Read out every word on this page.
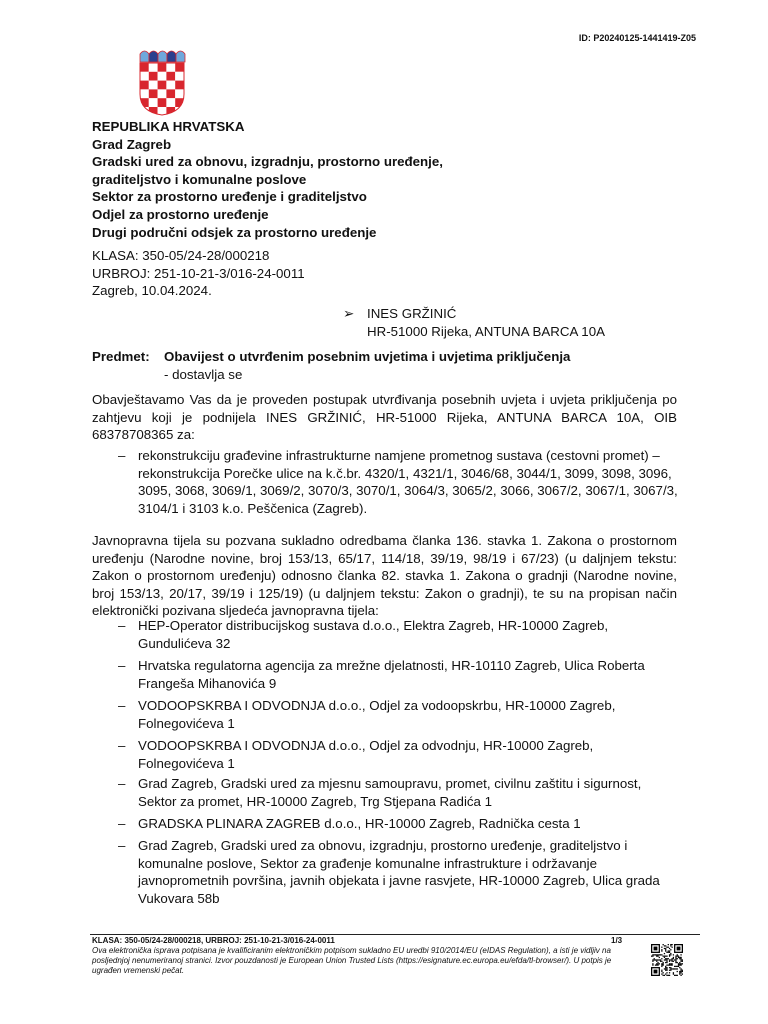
ID: P20240125-1441419-Z05
REPUBLIKA HRVATSKA
Grad Zagreb
Gradski ured za obnovu, izgradnju, prostorno uređenje,
graditeljstvo i komunalne poslove
Sektor za prostorno uređenje i graditeljstvo
Odjel za prostorno uređenje
Drugi područni odsjek za prostorno uređenje
KLASA: 350-05/24-28/000218
URBROJ: 251-10-21-3/016-24-0011
Zagreb, 10.04.2024.
➢ INES GRŽINIĆ
HR-51000 Rijeka, ANTUNA BARCA 10A
Predmet: Obavijest o utvrđenim posebnim uvjetima i uvjetima priključenja
- dostavlja se
Obavještavamo Vas da je proveden postupak utvrđivanja posebnih uvjeta i uvjeta priključenja po zahtjevu koji je podnijela INES GRŽINIĆ, HR-51000 Rijeka, ANTUNA BARCA 10A, OIB 68378708365 za:
– rekonstrukciju građevine infrastrukturne namjene prometnog sustava (cestovni promet) – rekonstrukcija Porečke ulice na k.č.br. 4320/1, 4321/1, 3046/68, 3044/1, 3099, 3098, 3096, 3095, 3068, 3069/1, 3069/2, 3070/3, 3070/1, 3064/3, 3065/2, 3066, 3067/2, 3067/1, 3067/3, 3104/1 i 3103 k.o. Peščenica (Zagreb).
Javnopravna tijela su pozvana sukladno odredbama članka 136. stavka 1. Zakona o prostornom uređenju (Narodne novine, broj 153/13, 65/17, 114/18, 39/19, 98/19 i 67/23) (u daljnjem tekstu: Zakon o prostornom uređenju) odnosno članka 82. stavka 1. Zakona o gradnji (Narodne novine, broj 153/13, 20/17, 39/19 i 125/19) (u daljnjem tekstu: Zakon o gradnji), te su na propisan način elektronički pozivana sljedeća javnopravna tijela:
– HEP-Operator distribucijskog sustava d.o.o., Elektra Zagreb, HR-10000 Zagreb,
Gundulićeva 32
– Hrvatska regulatorna agencija za mrežne djelatnosti, HR-10110 Zagreb, Ulica Roberta
Frangeša Mihanovića 9
– VODOOPSKRBA I ODVODNJA d.o.o., Odjel za vodoopskrbu, HR-10000 Zagreb,
Folnegovićeva 1
– VODOOPSKRBA I ODVODNJA d.o.o., Odjel za odvodnju, HR-10000 Zagreb,
Folnegovićeva 1
– Grad Zagreb, Gradski ured za mjesnu samoupravu, promet, civilnu zaštitu i sigurnost,
Sektor za promet, HR-10000 Zagreb, Trg Stjepana Radića 1
– GRADSKA PLINARA ZAGREB d.o.o., HR-10000 Zagreb, Radnička cesta 1
– Grad Zagreb, Gradski ured za obnovu, izgradnju, prostorno uređenje, graditeljstvo i
komunalne poslove, Sektor za građenje komunalne infrastrukture i održavanje
javnoprometnih površina, javnih objekata i javne rasvjete, HR-10000 Zagreb, Ulica grada
Vukovara 58b
KLASA: 350-05/24-28/000218, URBROJ: 251-10-21-3/016-24-0011	1/3
Ova elektronička isprava potpisana je kvalificiranim elektroničkim potpisom sukladno EU uredbi 910/2014/EU (eIDAS Regulation), a isti je vidljiv na posljednjoj nenumeriranoj stranici. Izvor pouzdanosti je European Union Trusted Lists (https://esignature.ec.europa.eu/efda/tl-browser/). U potpis je ugrađen vremenski pečat.
